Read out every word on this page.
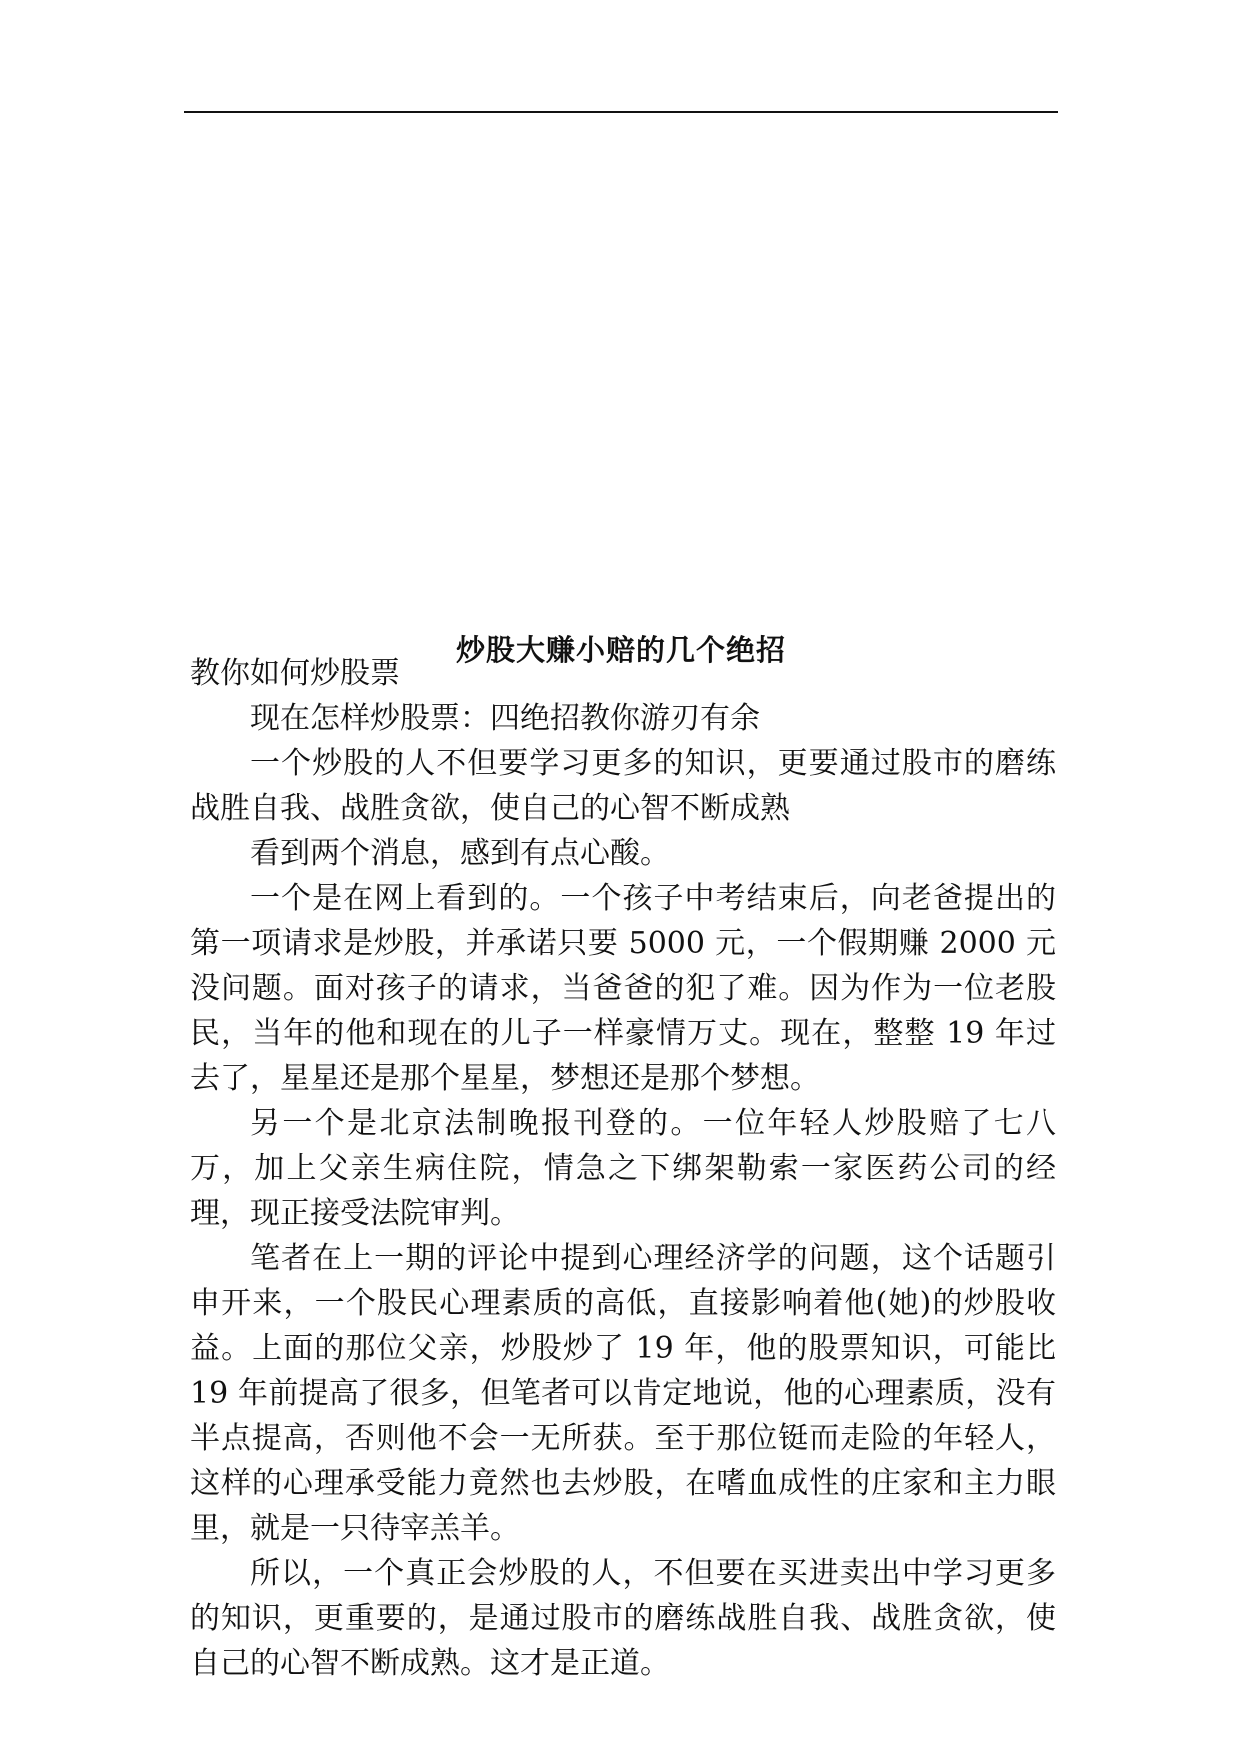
炒股大赚小赔的几个绝招

教你如何炒股票

现在怎样炒股票：四绝招教你游刃有余

一个炒股的人不但要学习更多的知识，更要通过股市的磨练战胜自我、战胜贪欲，使自己的心智不断成熟

看到两个消息，感到有点心酸。

一个是在网上看到的。一个孩子中考结束后，向老爸提出的第一项请求是炒股，并承诺只要 5000 元，一个假期赚 2000 元没问题。面对孩子的请求，当爸爸的犯了难。因为作为一位老股民，当年的他和现在的儿子一样豪情万丈。现在，整整 19 年过去了，星星还是那个星星，梦想还是那个梦想。

另一个是北京法制晚报刊登的。一位年轻人炒股赔了七八万，加上父亲生病住院，情急之下绑架勒索一家医药公司的经理，现正接受法院审判。

笔者在上一期的评论中提到心理经济学的问题，这个话题引申开来，一个股民心理素质的高低，直接影响着他(她)的炒股收益。上面的那位父亲，炒股炒了 19 年，他的股票知识，可能比 19 年前提高了很多，但笔者可以肯定地说，他的心理素质，没有半点提高，否则他不会一无所获。至于那位铤而走险的年轻人，这样的心理承受能力竟然也去炒股，在嗜血成性的庄家和主力眼里，就是一只待宰羔羊。

所以，一个真正会炒股的人，不但要在买进卖出中学习更多的知识，更重要的，是通过股市的磨练战胜自我、战胜贪欲，使自己的心智不断成熟。这才是正道。
